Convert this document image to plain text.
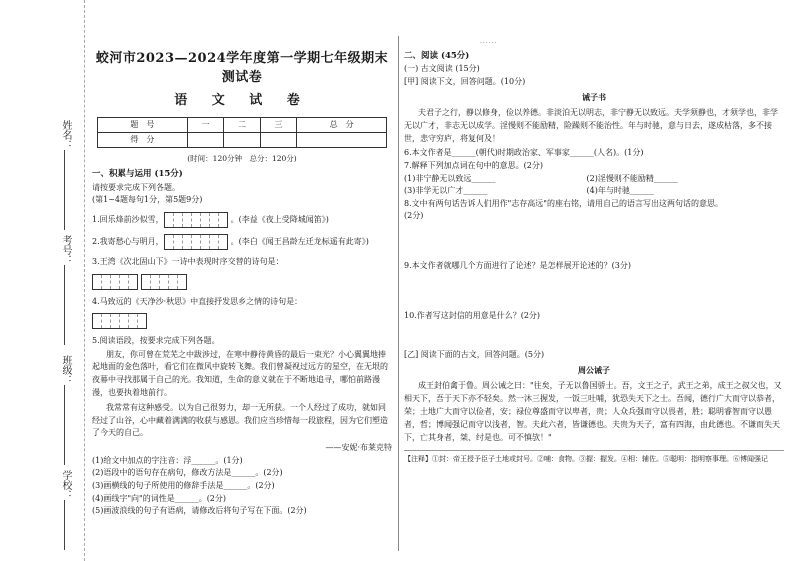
姓名：
考号：
班级：
学校：
......
蛟河市2023—2024学年度第一学期七年级期末测试卷
语 文 试 卷
题　号	一	二	三	总　分
得　分				
(时间：120分钟　总分：120分)
一、积累与运用 (15分)
请按要求完成下列各题。
(第1~4题每句1分，第5题9分)
1.回乐烽前沙似雪，	。(李益《夜上受降城闻笛》)
2.我寄愁心与明月，	。(李白《闻王昌龄左迁龙标遥有此寄》)
3.王湾《次北固山下》一诗中表现时序交替的诗句是：
4.马致远的《天净沙·秋思》中直接抒发思乡之情的诗句是：
5.阅读语段，按要求完成下列各题。
朋友，你可曾在荒芜之中跋涉过，在寒中静待黄昏的最后一束光？小心翼翼地捧起地面的金色落叶，看它们在微风中旋转飞舞。我们曾凝视过远方的星空，在无垠的夜幕中寻找那属于自己的光。我知道，生命的意义就在于不断地追寻，哪怕前路漫漫，也要执着地前行。
我常常有这种感受。以为自己很努力，却一无所获。一个人经过了成功，就如同经过了山谷，心中藏着满满的收获与感恩。我们应当珍惜每一段旅程，因为它们塑造了今天的自己。
——安妮·布莱克特
(1)给文中加点的字注音：浮______。(1分)
(2)语段中的语句存在病句，修改方法是______。(2分)
(3)画横线的句子所使用的修辞手法是______。(2分)
(4)画线字"向"的词性是______。(2分)
(5)画波浪线的句子有语病，请修改后将句子写在下面。(2分)
二、阅读 (45分)
(一) 古文阅读 (15分)
[甲] 阅读下文，回答问题。(10分)
诫子书
夫君子之行，静以修身，俭以养德。非淡泊无以明志，非宁静无以致远。夫学须静也，才须学也，非学无以广才，非志无以成学。淫慢则不能励精，险躁则不能治性。年与时驰，意与日去，遂成枯落，多不接世，悲守穷庐，将复何及！
6.本文作者是______(朝代)时期政治家、军事家______(人名)。(1分)
7.解释下列加点词在句中的意思。(2分)
(1)非宁静无以致远______	(2)淫慢则不能励精______
(3)非学无以广才______	(4)年与时驰______
8.文中有两句话告诉人们用作"志存高远"的座右铭，请用自己的语言写出这两句话的意思。
(2分)
9.本文作者就哪几个方面进行了论述？是怎样展开论述的？(3分)
10.作者写这封信的用意是什么？(2分)
[乙] 阅读下面的古文，回答问题。(5分)
周公诫子
成王封伯禽于鲁。周公诫之曰："往矣，子无以鲁国骄士。吾，文王之子，武王之弟，成王之叔父也，又相天下，吾于天下亦不轻矣。然一沐三握发，一饭三吐哺，犹恐失天下之士。吾闻，德行广大而守以恭者，荣；土地广大而守以俭者，安；禄位尊盛而守以卑者，贵；人众兵强而守以畏者，胜；聪明睿智而守以愚者，哲；博闻强记而守以浅者，智。夫此六者，皆谦德也。夫贵为天子，富有四海，由此德也。不谦而失天下，亡其身者，桀、纣是也。可不慎欤！"
【注释】①封：帝王授予臣子土地或封号。②哺：食物。③握：握发。④相：辅佐。⑤聪明：指明察事理。⑥博闻强记
